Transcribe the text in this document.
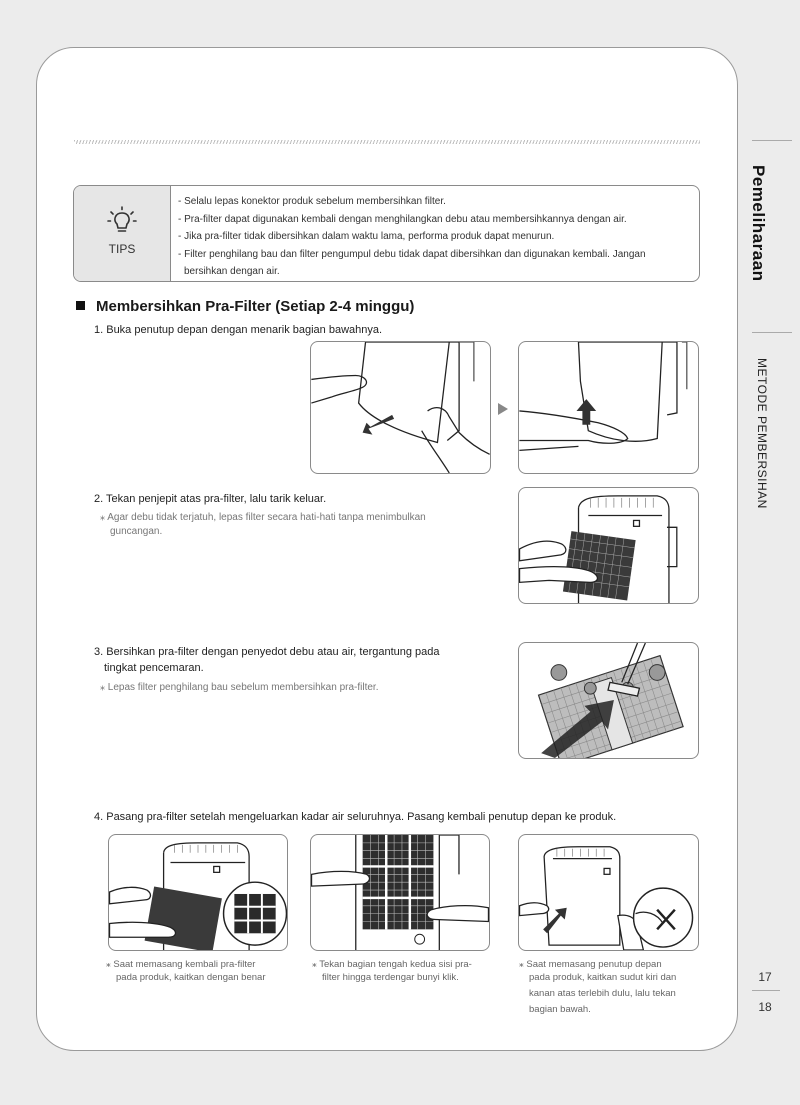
TIPS
- Selalu lepas konektor produk sebelum membersihkan filter.
- Pra-filter dapat digunakan kembali dengan menghilangkan debu atau membersihkannya dengan air.
- Jika pra-filter tidak dibersihkan dalam waktu lama, performa produk dapat menurun.
- Filter penghilang bau dan filter pengumpul debu tidak dapat dibersihkan dan digunakan kembali. Jangan
bersihkan dengan air.
Membersihkan Pra-Filter (Setiap 2-4 minggu)
1. Buka penutup depan dengan menarik bagian bawahnya.
2. Tekan penjepit atas pra-filter, lalu tarik keluar.
⁎ Agar debu tidak terjatuh, lepas filter secara hati-hati tanpa menimbulkan
guncangan.
3. Bersihkan pra-filter dengan penyedot debu atau air, tergantung pada
tingkat pencemaran.
⁎ Lepas filter penghilang bau sebelum membersihkan pra-filter.
4. Pasang pra-filter setelah mengeluarkan kadar air seluruhnya. Pasang kembali penutup depan ke produk.
⁎ Saat memasang kembali pra-filter
pada produk, kaitkan dengan benar
⁎ Tekan bagian tengah kedua sisi pra-
filter hingga terdengar bunyi klik.
⁎ Saat memasang penutup depan
pada produk, kaitkan sudut kiri dan
kanan atas terlebih dulu, lalu tekan
bagian bawah.
Pemeliharaan
METODE PEMBERSIHAN
17
18
